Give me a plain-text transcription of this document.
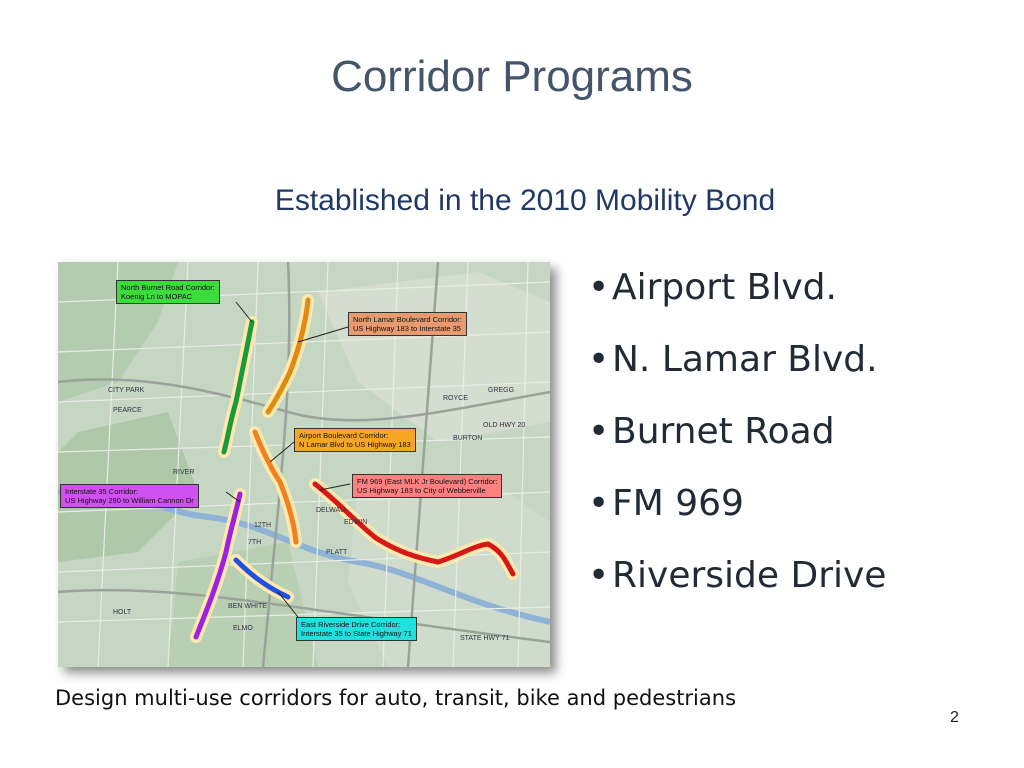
Corridor Programs
Established in the 2010 Mobility Bond
CITY PARK
PEARCE
RIVER
12TH
7TH
DELWAU
PLATT
BEN WHITE
ELMO
HOLT
BURTON
GREGG
ROYCE
STATE HWY 71
EDWIN
OLD HWY 20
North Burnet Road Corridor:
Koenig Ln to MOPAC
North Lamar Boulevard Corridor:
US Highway 183 to Interstate 35
Airport Boulevard Corridor:
N Lamar Blvd to US Highway 183
FM 969 (East MLK Jr Boulevard) Corridor:
US Highway 183 to City of Webberville
Interstate 35 Corridor:
US Highway 290 to William Cannon Dr
East Riverside Drive Corridor:
Interstate 35 to State Highway 71
•Airport Blvd.
•N. Lamar Blvd.
•Burnet Road
•FM 969
•Riverside Drive
Design multi-use corridors for auto, transit, bike and pedestrians
2
